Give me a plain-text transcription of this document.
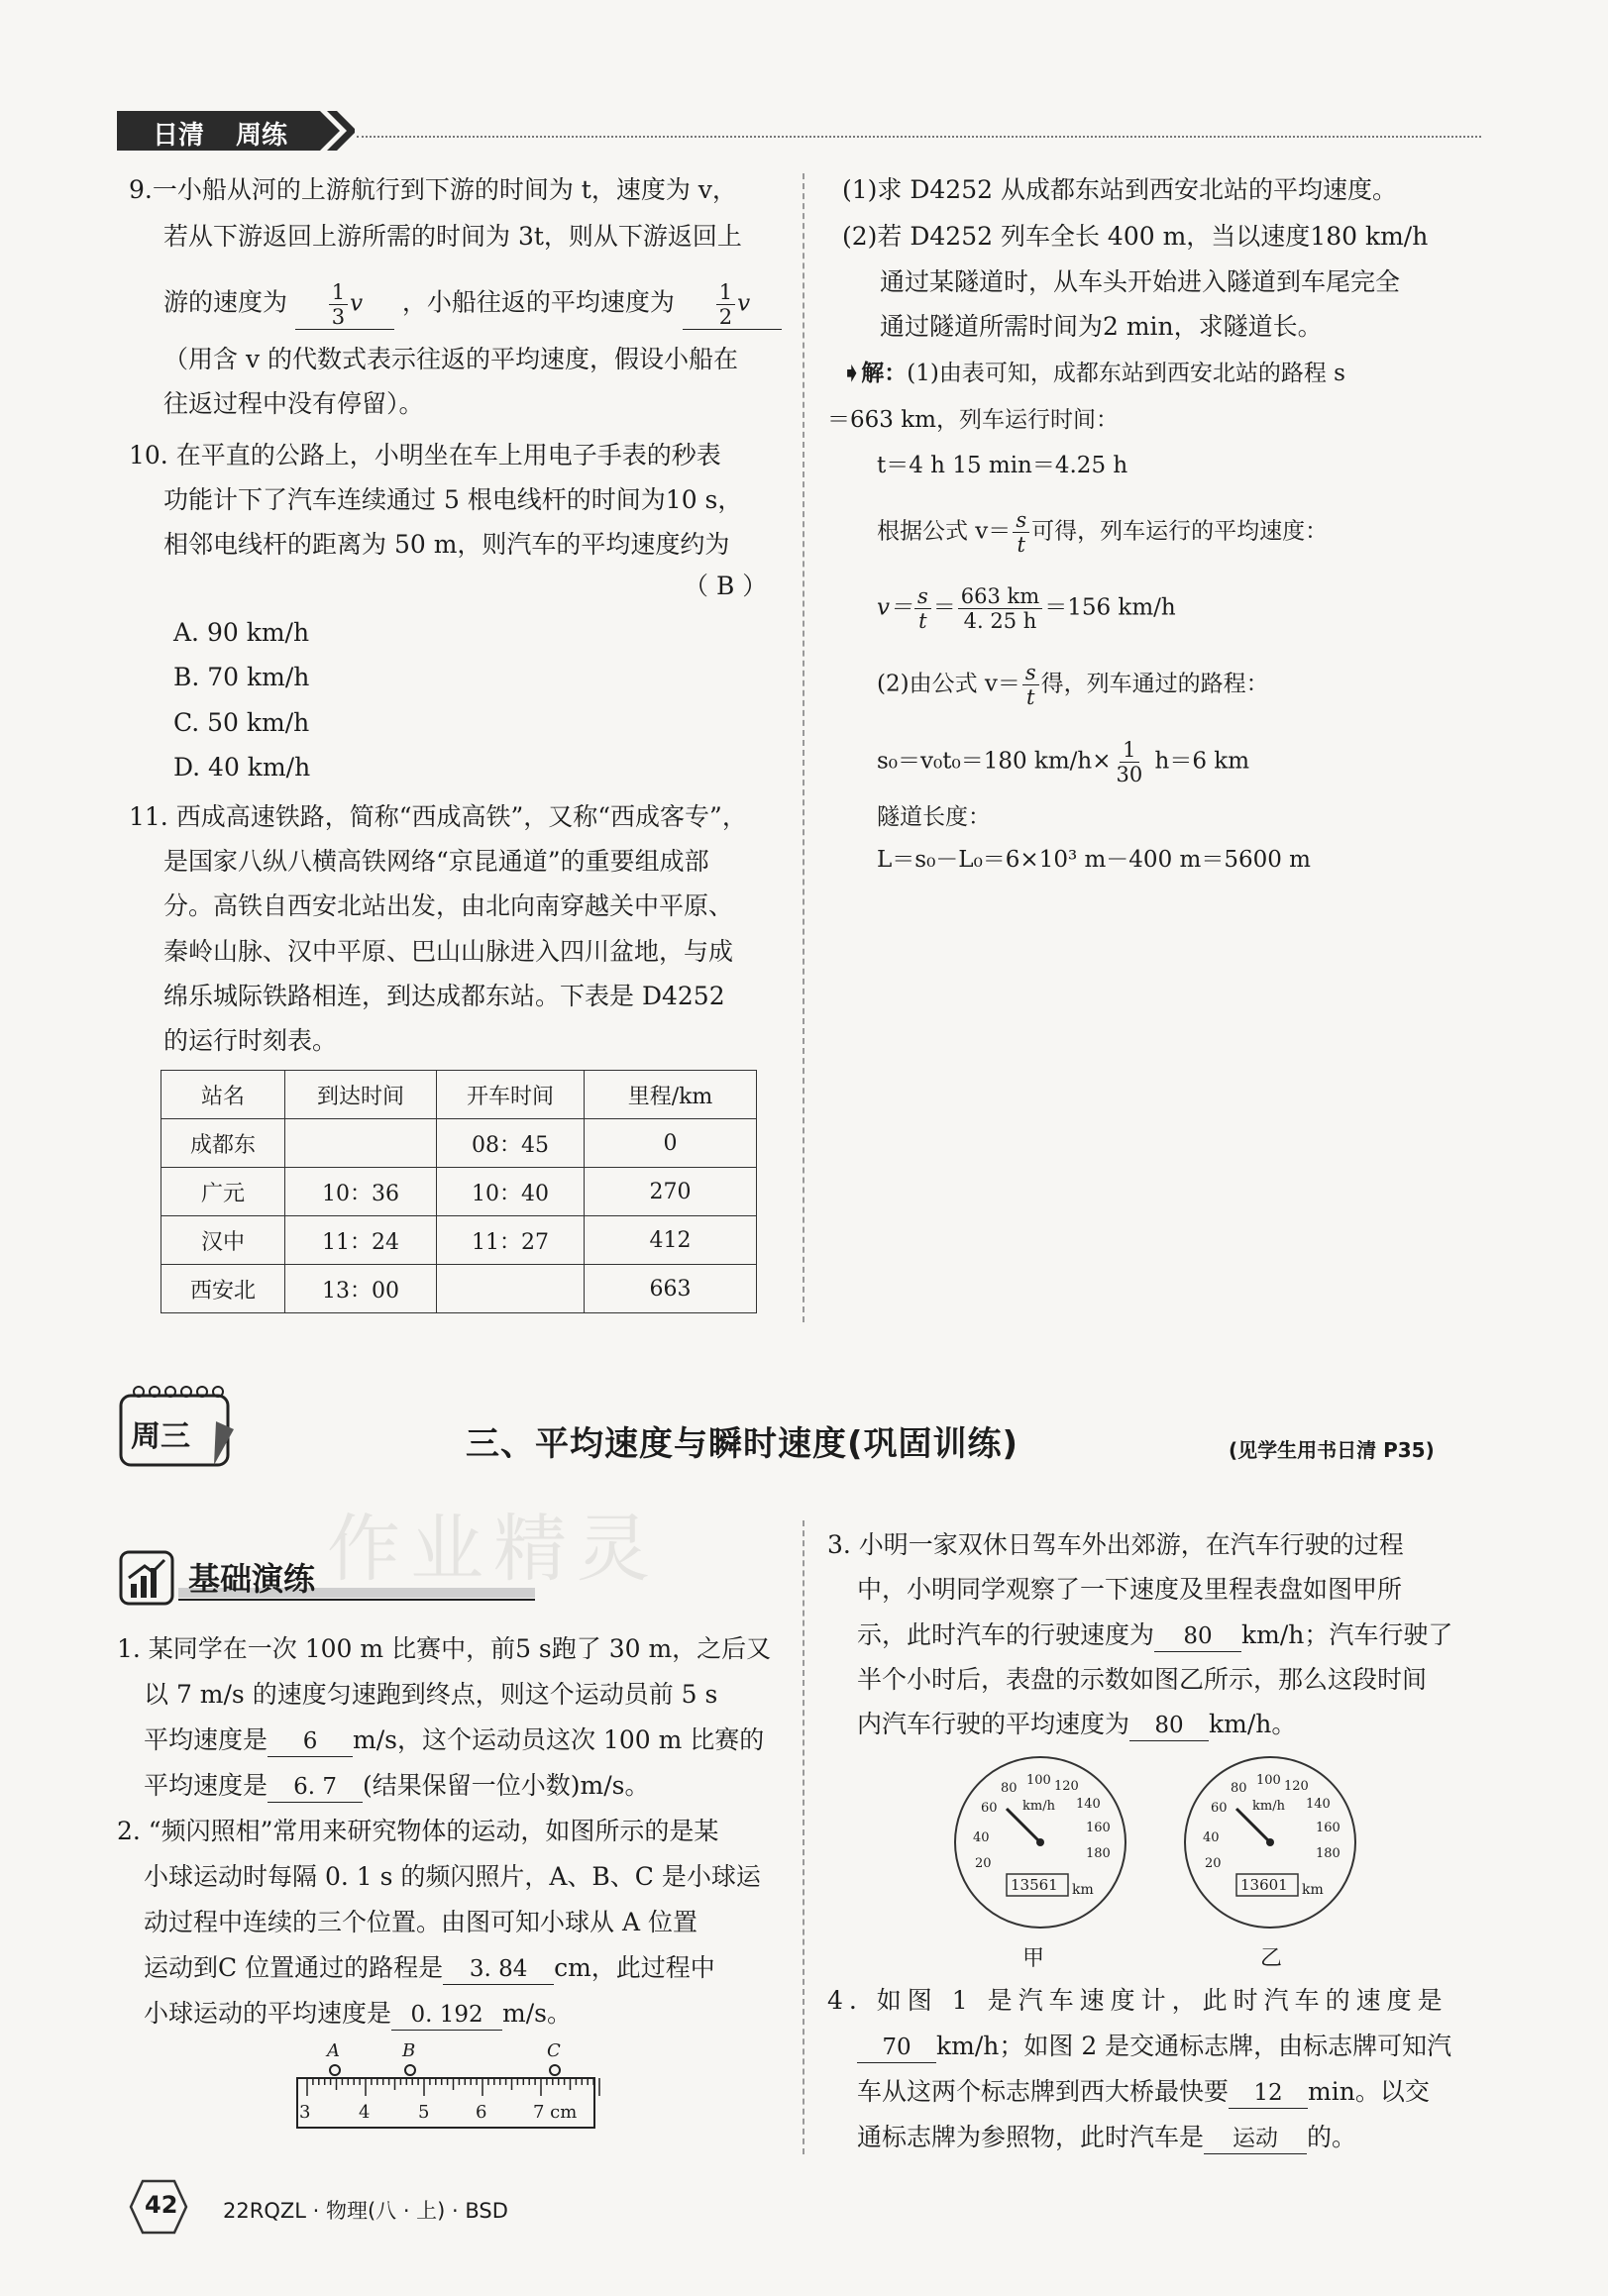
日清 周练
9.一小船从河的上游航行到下游的时间为 t，速度为 v，
若从下游返回上游所需的时间为 3t，则从下游返回上
游的速度为 $\frac{1}{3}$ v ，小船往返的平均速度为 $\frac{1}{2}$ v
（用含 v 的代数式表示往返的平均速度，假设小船在
往返过程中没有停留）。
10. 在平直的公路上，小明坐在车上用电子手表的秒表
功能计下了汽车连续通过 5 根电线杆的时间为10 s，
相邻电线杆的距离为 50 m，则汽车的平均速度约为
（ B ）
A. 90 km/h
B. 70 km/h
C. 50 km/h
D. 40 km/h
11. 西成高速铁路，简称“西成高铁”，又称“西成客专”，
是国家八纵八横高铁网络“京昆通道”的重要组成部
分。高铁自西安北站出发，由北向南穿越关中平原、
秦岭山脉、汉中平原、巴山山脉进入四川盆地，与成
绵乐城际铁路相连，到达成都东站。下表是 D4252
的运行时刻表。
站名	到达时间	开车时间	里程/km
成都东		08：45	0
广元	10：36	10：40	270
汉中	11：24	11：27	412
西安北	13：00		663
(1)求 D4252 从成都东站到西安北站的平均速度。
(2)若 D4252 列车全长 400 m，当以速度180 km/h
通过某隧道时，从车头开始进入隧道到车尾完全
通过隧道所需时间为2 min，求隧道长。
➧解：(1)由表可知，成都东站到西安北站的路程 s
＝663 km，列车运行时间：
t＝4 h 15 min＝4.25 h
根据公式 $v= \frac{s}{t}$ 可得，列车运行的平均速度：
$v= \frac{s}{t} = \frac{663 km}{4. 25 h} =156$ km/h
(2)由公式 $v= \frac{s}{t}$ 得，列车通过的路程：
s₀＝v₀t₀＝180 $km/h\times \frac{1}{30} h=6$ km
隧道长度：
L＝s₀－L₀＝6×10³ m－400 m＝5600 m
周三	三、平均速度与瞬时速度(巩固训练)	(见学生用书日清 P35)
基础演练 作业精灵
1. 某同学在一次 100 m 比赛中，前5 s跑了 30 m，之后又
以 7 m/s 的速度匀速跑到终点，则这个运动员前 5 s
平均速度是 6 m/s，这个运动员这次 100 m 比赛的
平均速度是 6. 7 (结果保留一位小数)m/s。
2. “频闪照相”常用来研究物体的运动，如图所示的是某
小球运动时每隔 0. 1 s 的频闪照片，A、B、C 是小球运
动过程中连续的三个位置。由图可知小球从 A 位置
运动到C 位置通过的路程是 3. 84 cm，此过程中
小球运动的平均速度是 0. 192 m/s。
A	B	C
3	4	5	6	7 cm
3. 小明一家双休日驾车外出郊游，在汽车行驶的过程
中，小明同学观察了一下速度及里程表盘如图甲所
示，此时汽车的行驶速度为 80 km/h；汽车行驶了
半个小时后，表盘的示数如图乙所示，那么这段时间
内汽车行驶的平均速度为 80 km/h。
40
60
80
100 120
140
160
180
20
km/h
13561 km
甲
40
60
80
100 120
140
160
180
20
km/h
13601 km
乙
4. 如图 1 是汽车速度计，此时汽车的速度是
70 km/h；如图 2 是交通标志牌，由标志牌可知汽
车从这两个标志牌到西大桥最快要 12 min。以交
通标志牌为参照物，此时汽车是 运动 的。
42 22RQZL · 物理(八 · 上) · BSD
